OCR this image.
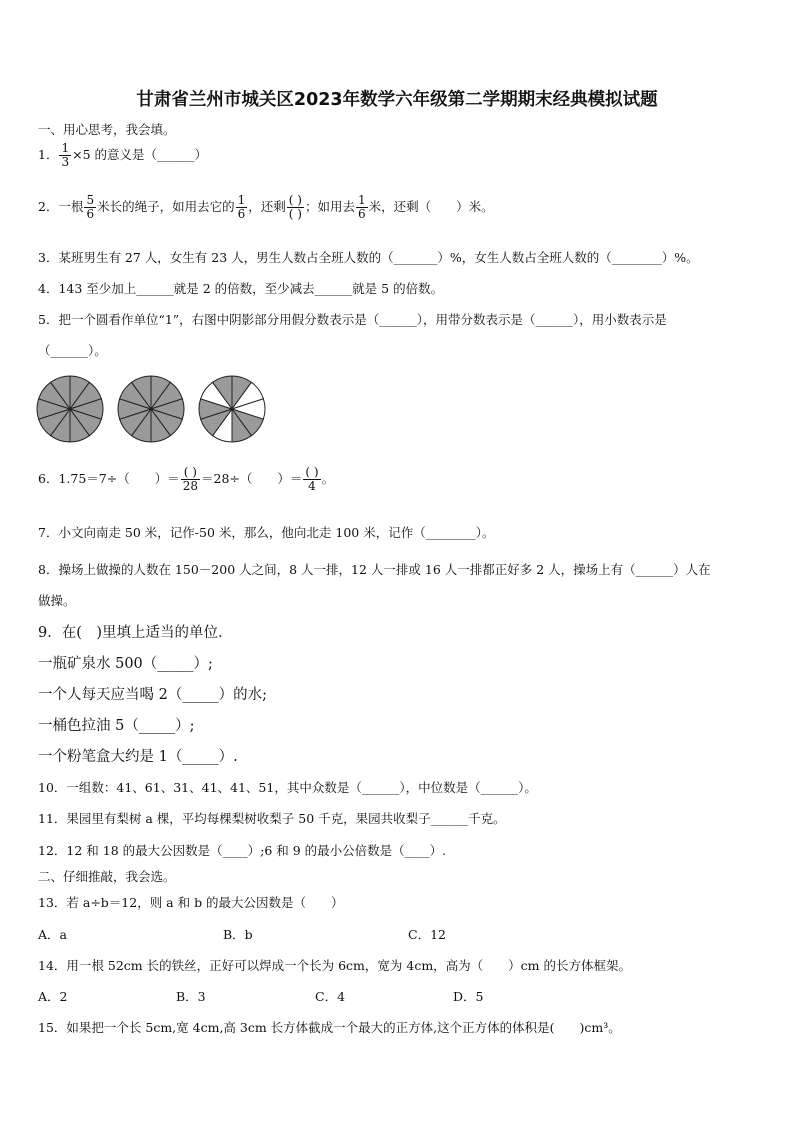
甘肃省兰州市城关区2023年数学六年级第二学期期末经典模拟试题
一、用心思考，我会填。
1． $\frac{1}{3} \times 5$ 的意义是（______）
2．一根 $\frac{5}{6}$ 米长的绳子，如用去它的 $\frac{1}{6}$ ，还剩 $\frac{( )}{( )}$ ；如用去 $\frac{1}{6}$ 米，还剩（　　）米。
3．某班男生有 27 人，女生有 23 人，男生人数占全班人数的（_______）%，女生人数占全班人数的（________）%。
4．143 至少加上______就是 2 的倍数，至少减去______就是 5 的倍数。
5．把一个圆看作单位“1”，右图中阴影部分用假分数表示是（______），用带分数表示是（______），用小数表示是
（______）。
6．1.75＝7÷（　　）＝ $\frac{( )}{28} =28\div$（　　）＝ $\frac{( )}{4}$ 。
7．小文向南走 50 米，记作-50 米，那么，他向北走 100 米，记作（________）。
8．操场上做操的人数在 150－200 人之间，8 人一排，12 人一排或 16 人一排都正好多 2 人，操场上有（______）人在
做操。
9．在(　)里填上适当的单位．
一瓶矿泉水 500（_____）;
一个人每天应当喝 2（_____）的水;
一桶色拉油 5（_____）;
一个粉笔盒大约是 1（_____）.
10．一组数：41、61、31、41、41、51，其中众数是（______），中位数是（______）。
11．果园里有梨树 a 棵，平均每棵梨树收梨子 50 千克，果园共收梨子______千克。
12．12 和 18 的最大公因数是（____）;6 和 9 的最小公倍数是（____）.
二、仔细推敲，我会选。
13．若 a÷b＝12，则 a 和 b 的最大公因数是（　　）
A．a	B．b	C．12
14．用一根 52cm 长的铁丝，正好可以焊成一个长为 6cm，宽为 4cm，高为（　　）cm 的长方体框架。
A．2	B．3	C．4	D．5
15．如果把一个长 5cm,宽 4cm,高 3cm 长方体截成一个最大的正方体,这个正方体的体积是(　　)cm³。
